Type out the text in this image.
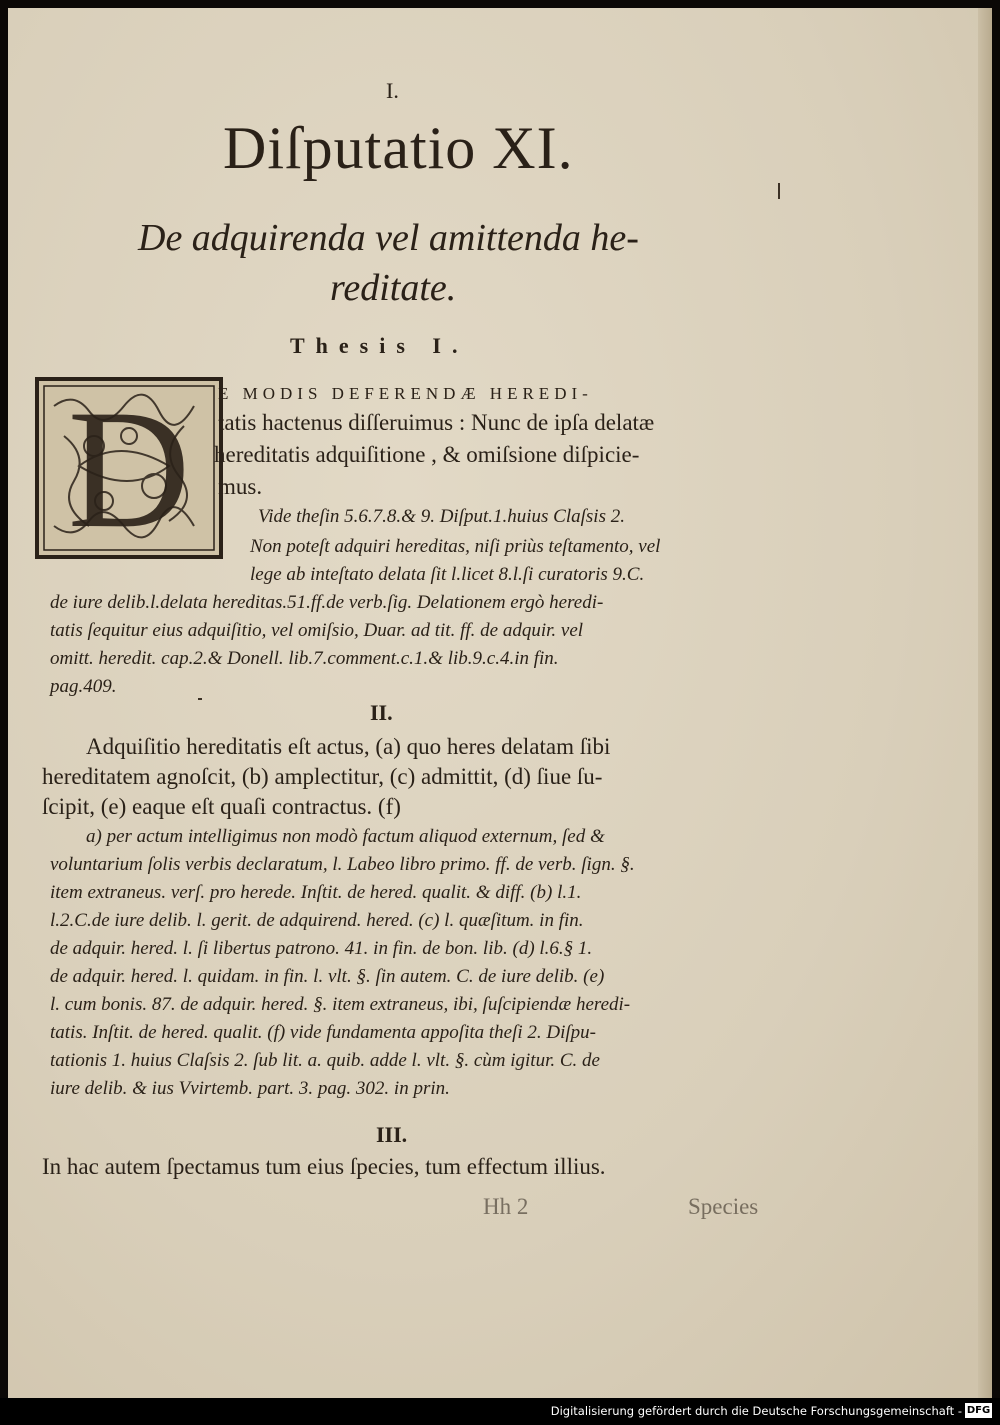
I.
Diſputatio XI.
De adquirenda vel amittenda he-
reditate.
Thesis I.
D E MODIS DEFERENDÆ HEREDI-
tatis hactenus diſſeruimus : Nunc de ipſa delatæ
hereditatis adquiſitione , & omiſsione diſpicie-
mus.
Vide theſin 5.6.7.8.& 9. Diſput.1.huius Claſsis 2.
Non poteſt adquiri hereditas, niſi priùs teſtamento, vel
lege ab inteſtato delata ſit l.licet 8.l.ſi curatoris 9.C.
de iure delib.l.delata hereditas.51.ff.de verb.ſig. Delationem ergò heredi-
tatis ſequitur eius adquiſitio, vel omiſsio, Duar. ad tit. ff. de adquir. vel
omitt. heredit. cap.2.& Donell. lib.7.comment.c.1.& lib.9.c.4.in fin.
pag.409.
II.
Adquiſitio hereditatis eſt actus, (a) quo heres delatam ſibi
hereditatem agnoſcit, (b) amplectitur, (c) admittit, (d) ſiue ſu-
ſcipit, (e) eaque eſt quaſi contractus. (f)
a) per actum intelligimus non modò factum aliquod externum, ſed &
voluntarium ſolis verbis declaratum, l. Labeo libro primo. ff. de verb. ſign. §.
item extraneus. verſ. pro herede. Inſtit. de hered. qualit. & diff. (b) l.1.
l.2.C.de iure delib. l. gerit. de adquirend. hered. (c) l. quæſitum. in fin.
de adquir. hered. l. ſi libertus patrono. 41. in fin. de bon. lib. (d) l.6.§ 1.
de adquir. hered. l. quidam. in fin. l. vlt. §. ſin autem. C. de iure delib. (e)
l. cum bonis. 87. de adquir. hered. §. item extraneus, ibi, ſuſcipiendæ heredi-
tatis. Inſtit. de hered. qualit. (f) vide fundamenta appoſita theſi 2. Diſpu-
tationis 1. huius Claſsis 2. ſub lit. a. quib. adde l. vlt. §. cùm igitur. C. de
iure delib. & ius Vvirtemb. part. 3. pag. 302. in prin.
III.
In hac autem ſpectamus tum eius ſpecies, tum effectum illius.
Hh 2	Species
Digitalisierung gefördert durch die Deutsche Forschungsgemeinschaft - DFG
